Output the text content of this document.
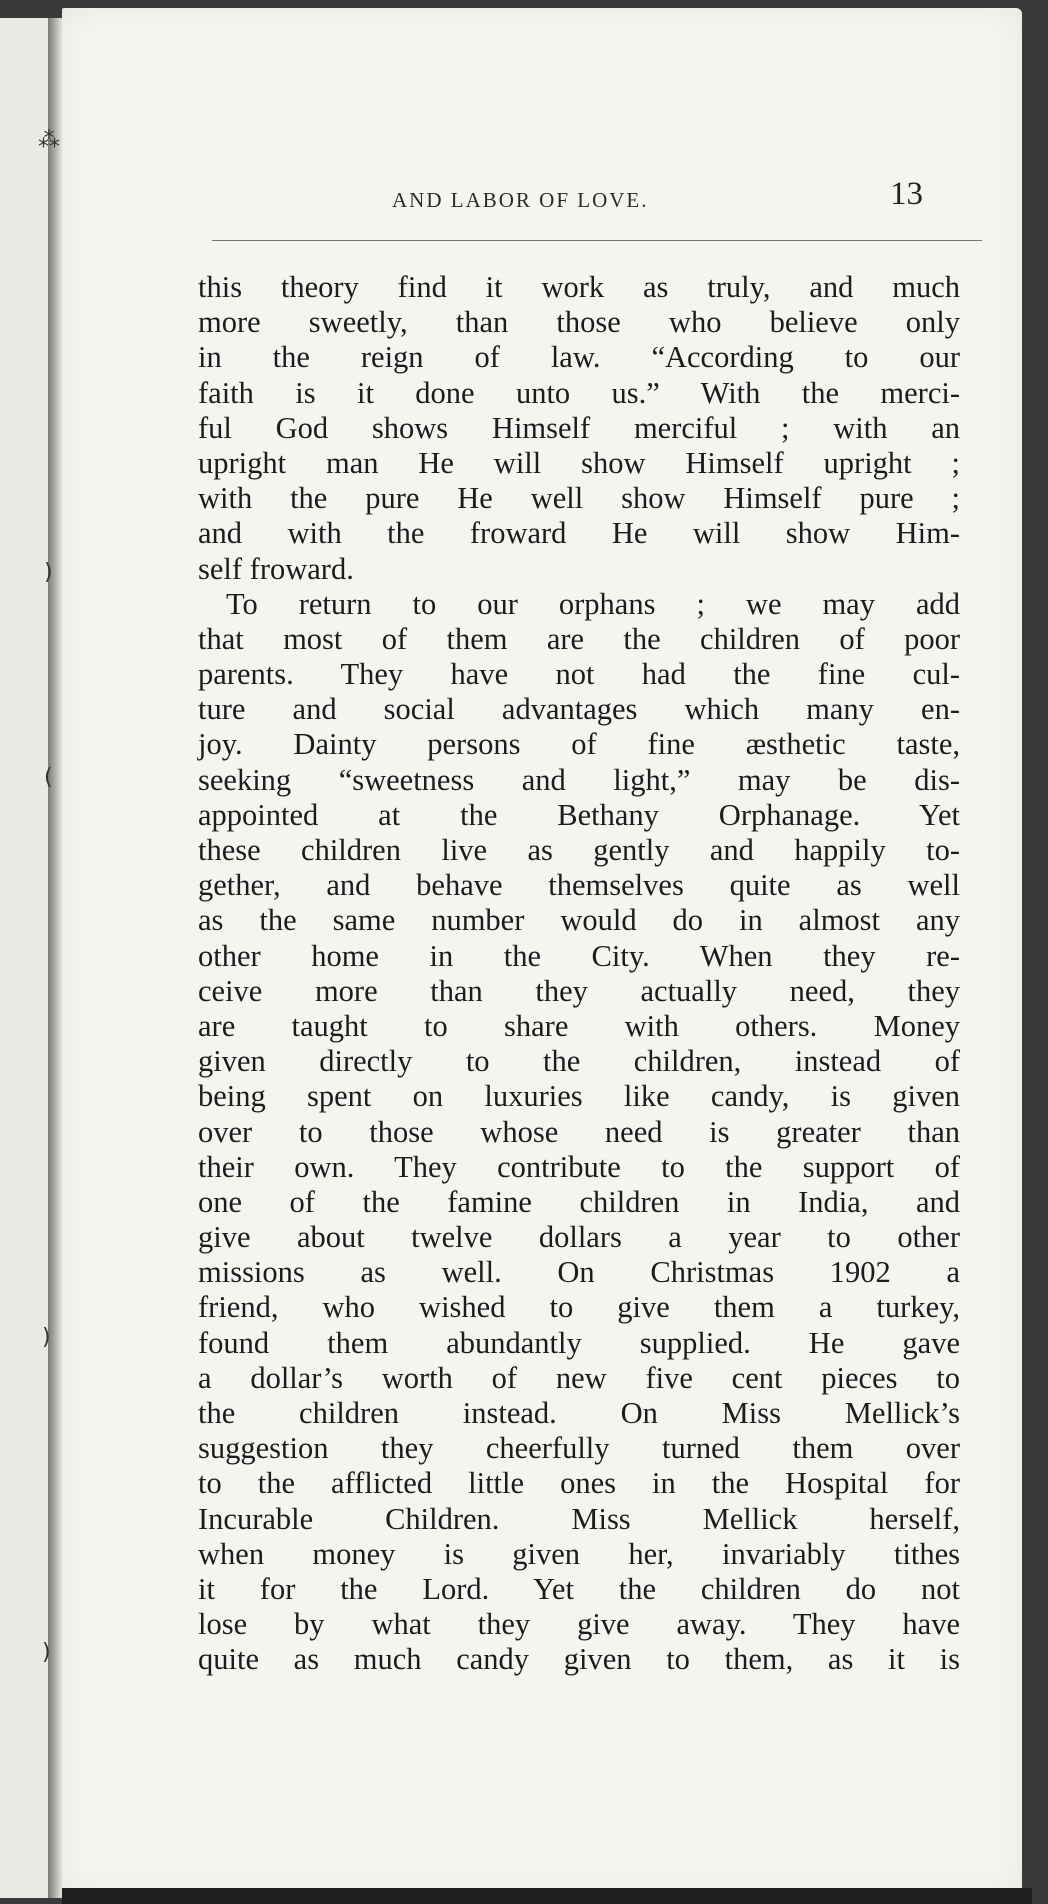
⁂
)
(
)
)
AND LABOR OF LOVE.	13
this theory find it work as truly, and much
more sweetly, than those who believe only
in the reign of law. “According to our
faith is it done unto us.” With the merci-
ful God shows Himself merciful ; with an
upright man He will show Himself upright ;
with the pure He well show Himself pure ;
and with the froward He will show Him-
self froward.
To return to our orphans ; we may add
that most of them are the children of poor
parents. They have not had the fine cul-
ture and social advantages which many en-
joy. Dainty persons of fine æsthetic taste,
seeking “sweetness and light,” may be dis-
appointed at the Bethany Orphanage. Yet
these children live as gently and happily to-
gether, and behave themselves quite as well
as the same number would do in almost any
other home in the City. When they re-
ceive more than they actually need, they
are taught to share with others. Money
given directly to the children, instead of
being spent on luxuries like candy, is given
over to those whose need is greater than
their own. They contribute to the support of
one of the famine children in India, and
give about twelve dollars a year to other
missions as well. On Christmas 1902 a
friend, who wished to give them a turkey,
found them abundantly supplied. He gave
a dollar’s worth of new five cent pieces to
the children instead. On Miss Mellick’s
suggestion they cheerfully turned them over
to the afflicted little ones in the Hospital for
Incurable Children. Miss Mellick herself,
when money is given her, invariably tithes
it for the Lord. Yet the children do not
lose by what they give away. They have
quite as much candy given to them, as it is
